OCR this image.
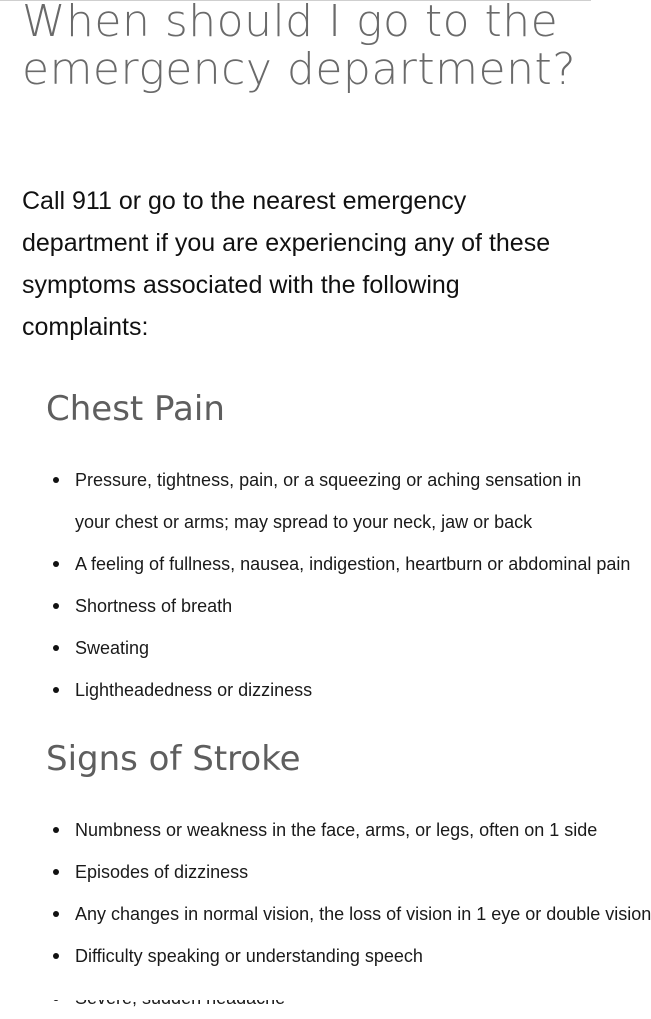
When should I go to the emergency department?

Call 911 or go to the nearest emergency department if you are experiencing any of these symptoms associated with the following complaints:

Chest Pain
Pressure, tightness, pain, or a squeezing or aching sensation in your chest or arms; may spread to your neck, jaw or back
A feeling of fullness, nausea, indigestion, heartburn or abdominal pain
Shortness of breath
Sweating
Lightheadedness or dizziness
Signs of Stroke
Numbness or weakness in the face, arms, or legs, often on 1 side
Episodes of dizziness
Any changes in normal vision, the loss of vision in 1 eye or double vision
Difficulty speaking or understanding speech
